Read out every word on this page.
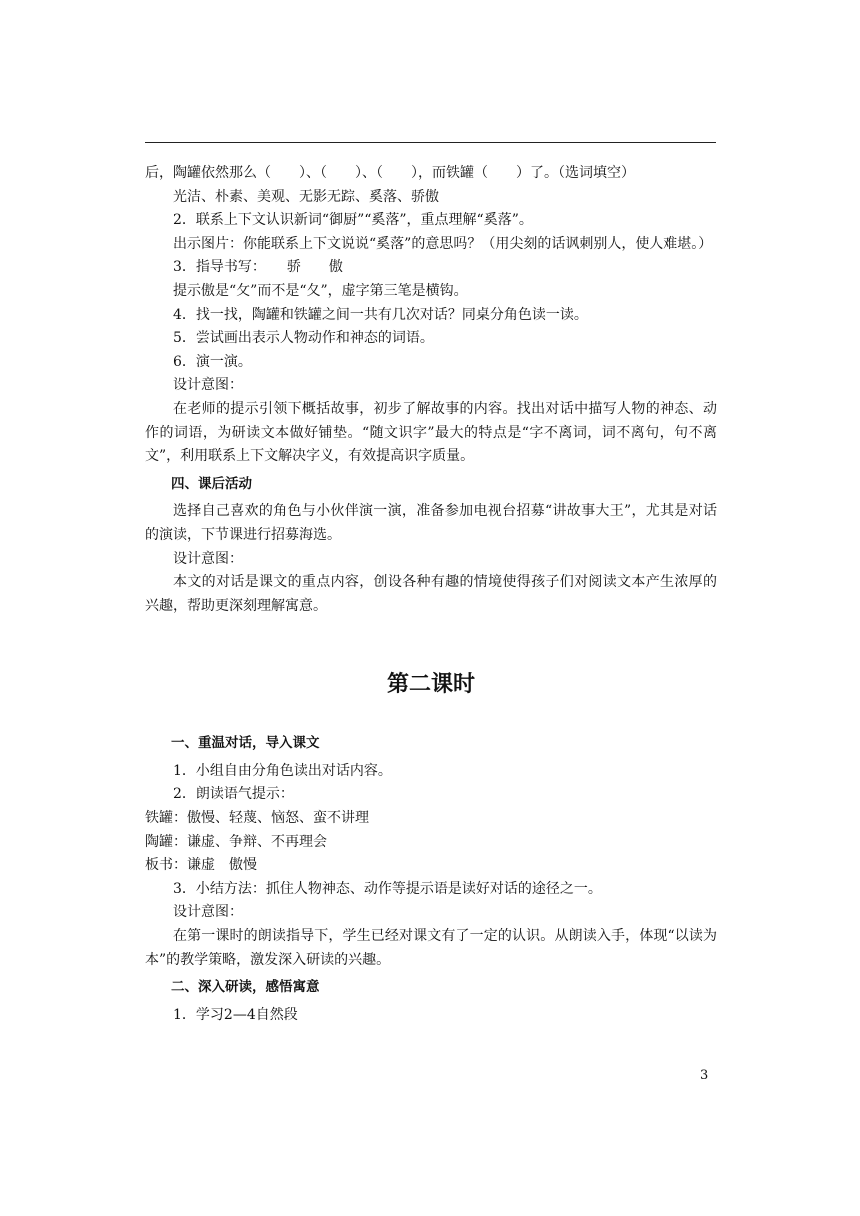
后，陶罐依然那么（　　）、（　　）、（　　），而铁罐（　　）了。（选词填空）

光洁、朴素、美观、无影无踪、奚落、骄傲

2．联系上下文认识新词“御厨”“奚落”，重点理解“奚落”。

出示图片：你能联系上下文说说“奚落”的意思吗？（用尖刻的话讽刺别人，使人难堪。）

3．指导书写：　　骄　　傲

提示傲是“攵”而不是“夂”，虚字第三笔是横钩。

4．找一找，陶罐和铁罐之间一共有几次对话？同桌分角色读一读。

5．尝试画出表示人物动作和神态的词语。

6．演一演。

设计意图：

在老师的提示引领下概括故事，初步了解故事的内容。找出对话中描写人物的神态、动作的词语，为研读文本做好铺垫。“随文识字”最大的特点是“字不离词，词不离句，句不离文”，利用联系上下文解决字义，有效提高识字质量。

四、课后活动

选择自己喜欢的角色与小伙伴演一演，准备参加电视台招募“讲故事大王”，尤其是对话的演读，下节课进行招募海选。

设计意图：

本文的对话是课文的重点内容，创设各种有趣的情境使得孩子们对阅读文本产生浓厚的兴趣，帮助更深刻理解寓意。

第二课时

一、重温对话，导入课文

1．小组自由分角色读出对话内容。

2．朗读语气提示：

铁罐：傲慢、轻蔑、恼怒、蛮不讲理

陶罐：谦虚、争辩、不再理会

板书：谦虚　傲慢

3．小结方法：抓住人物神态、动作等提示语是读好对话的途径之一。

设计意图：

在第一课时的朗读指导下，学生已经对课文有了一定的认识。从朗读入手，体现“以读为本”的教学策略，激发深入研读的兴趣。

二、深入研读，感悟寓意

1．学习2—4自然段

3
